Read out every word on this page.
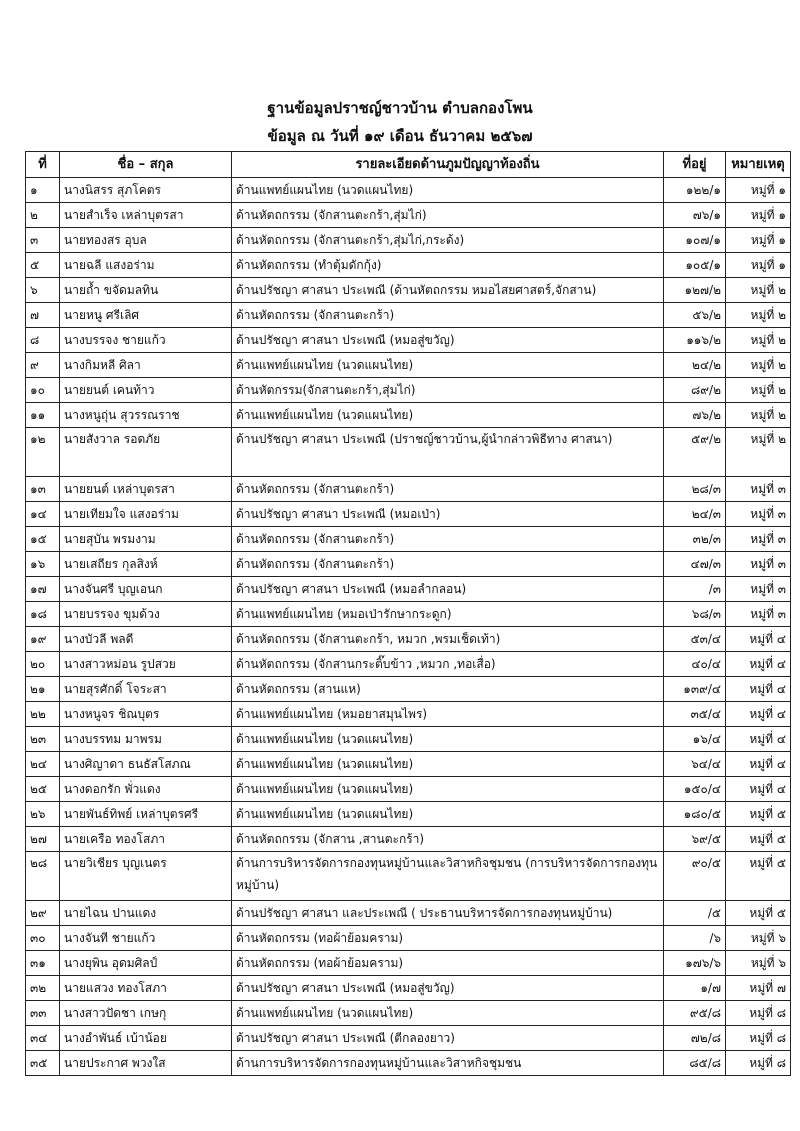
ฐานข้อมูลปราชญ์ชาวบ้าน ตำบลกองโพน
ข้อมูล ณ วันที่ ๑๙ เดือน ธันวาคม ๒๕๖๗
ที่	ชื่อ – สกุล	รายละเอียดด้านภูมปัญญาท้องถิ่น	ที่อยู่	หมายเหตุ
๑	นางนิสรร สุภโคตร	ด้านแพทย์แผนไทย (นวดแผนไทย)	๑๒๒/๑	หมู่ที่ ๑
๒	นายสำเร็จ เหล่าบุตรสา	ด้านหัตถกรรม (จักสานตะกร้า,สุ่มไก่)	๗๖/๑	หมู่ที่ ๑
๓	นายทองสร อุบล	ด้านหัตถกรรม (จักสานตะกร้า,สุ่มไก่,กระด้ง)	๑๐๗/๑	หมู่ที่ ๑
๕	นายฉลี แสงอร่าม	ด้านหัตถกรรม (ทำตุ้มดักกุ้ง)	๑๐๕/๑	หมู่ที่ ๑
๖	นายถ้ำ ขจัดมลทิน	ด้านปรัชญา ศาสนา ประเพณี (ด้านหัตถกรรม หมอไสยศาสตร์,จักสาน)	๑๒๗/๒	หมู่ที่ ๒
๗	นายหนู ศรีเลิศ	ด้านหัตถกรรม (จักสานตะกร้า)	๕๖/๒	หมู่ที่ ๒
๘	นางบรรจง ชายแก้ว	ด้านปรัชญา ศาสนา ประเพณี (หมอสู่ขวัญ)	๑๑๖/๒	หมู่ที่ ๒
๙	นางกิมหลี ศิลา	ด้านแพทย์แผนไทย (นวดแผนไทย)	๒๔/๒	หมู่ที่ ๒
๑๐	นายยนต์ เคนท้าว	ด้านหัตกรรม(จักสานตะกร้า,สุ่มไก่)	๘๙/๒	หมู่ที่ ๒
๑๑	นางหนูถุ่น สุวรรณราช	ด้านแพทย์แผนไทย (นวดแผนไทย)	๗๖/๒	หมู่ที่ ๒
๑๒	นายสังวาล รอดภัย	ด้านปรัชญา ศาสนา ประเพณี (ปราชญ์ชาวบ้าน,ผู้นำกล่าวพิธีทาง ศาสนา)	๕๙/๒	หมู่ที่ ๒
๑๓	นายยนต์ เหล่าบุตรสา	ด้านหัตถกรรม (จักสานตะกร้า)	๒๘/๓	หมู่ที่ ๓
๑๔	นายเทียมใจ แสงอร่าม	ด้านปรัชญา ศาสนา ประเพณี (หมอเป่า)	๒๔/๓	หมู่ที่ ๓
๑๕	นายสุบัน พรมงาม	ด้านหัตถกรรม (จักสานตะกร้า)	๓๒/๓	หมู่ที่ ๓
๑๖	นายเสถียร กุลสิงห์	ด้านหัตถกรรม (จักสานตะกร้า)	๔๗/๓	หมู่ที่ ๓
๑๗	นางจันศรี บุญเอนก	ด้านปรัชญา ศาสนา ประเพณี (หมอลำกลอน)	/๓	หมู่ที่ ๓
๑๘	นายบรรจง ขุมด้วง	ด้านแพทย์แผนไทย (หมอเป่ารักษากระดูก)	๖๘/๓	หมู่ที่ ๓
๑๙	นางบัวลี พลดี	ด้านหัตถกรรม (จักสานตะกร้า, หมวก ,พรมเช็ดเท้า)	๕๓/๔	หมู่ที่ ๔
๒๐	นางสาวหม่อน รูปสวย	ด้านหัตถกรรม (จักสานกระติ๊บข้าว ,หมวก ,ทอเสื่อ)	๔๐/๔	หมู่ที่ ๔
๒๑	นายสุรศักดิ์ โจระสา	ด้านหัตถกรรม (สานแห)	๑๓๙/๔	หมู่ที่ ๔
๒๒	นางหนูจร ชิณบุตร	ด้านแพทย์แผนไทย (หมอยาสมุนไพร)	๓๕/๔	หมู่ที่ ๔
๒๓	นางบรรทม มาพรม	ด้านแพทย์แผนไทย (นวดแผนไทย)	๑๖/๔	หมู่ที่ ๔
๒๔	นางศิญาดา ธนธัสโสภณ	ด้านแพทย์แผนไทย (นวดแผนไทย)	๖๔/๔	หมู่ที่ ๔
๒๕	นางดอกรัก พั่วแดง	ด้านแพทย์แผนไทย (นวดแผนไทย)	๑๕๐/๔	หมู่ที่ ๔
๒๖	นายพันธ์ทิพย์ เหล่าบุตรศรี	ด้านแพทย์แผนไทย (นวดแผนไทย)	๑๘๐/๕	หมู่ที่ ๕
๒๗	นายเครือ ทองโสภา	ด้านหัตถกรรม (จักสาน ,สานตะกร้า)	๖๙/๕	หมู่ที่ ๕
๒๘	นายวิเชียร บุญเนตร	ด้านการบริหารจัดการกองทุนหมู่บ้านและวิสาหกิจชุมชน (การบริหารจัดการกองทุนหมู่บ้าน)	๙๐/๕	หมู่ที่ ๕
๒๙	นายไฉน ปานแดง	ด้านปรัชญา ศาสนา และประเพณี ( ประธานบริหารจัดการกองทุนหมู่บ้าน)	/๕	หมู่ที่ ๕
๓๐	นางจันที ชายแก้ว	ด้านหัตถกรรม (ทอผ้าย้อมคราม)	/๖	หมู่ที่ ๖
๓๑	นางยุพิน อุดมศิลป์	ด้านหัตถกรรม (ทอผ้าย้อมคราม)	๑๗๖/๖	หมู่ที่ ๖
๓๒	นายแสวง ทองโสภา	ด้านปรัชญา ศาสนา ประเพณี (หมอสู่ขวัญ)	๑/๗	หมู่ที่ ๗
๓๓	นางสาวปัดชา เกษกุ	ด้านแพทย์แผนไทย (นวดแผนไทย)	๙๕/๘	หมู่ที่ ๘
๓๔	นางอำพันธ์ เบ้าน้อย	ด้านปรัชญา ศาสนา ประเพณี (ตีกลองยาว)	๗๒/๘	หมู่ที่ ๘
๓๕	นายประกาศ พวงใส	ด้านการบริหารจัดการกองทุนหมู่บ้านและวิสาหกิจชุมชน	๘๕/๘	หมู่ที่ ๘
